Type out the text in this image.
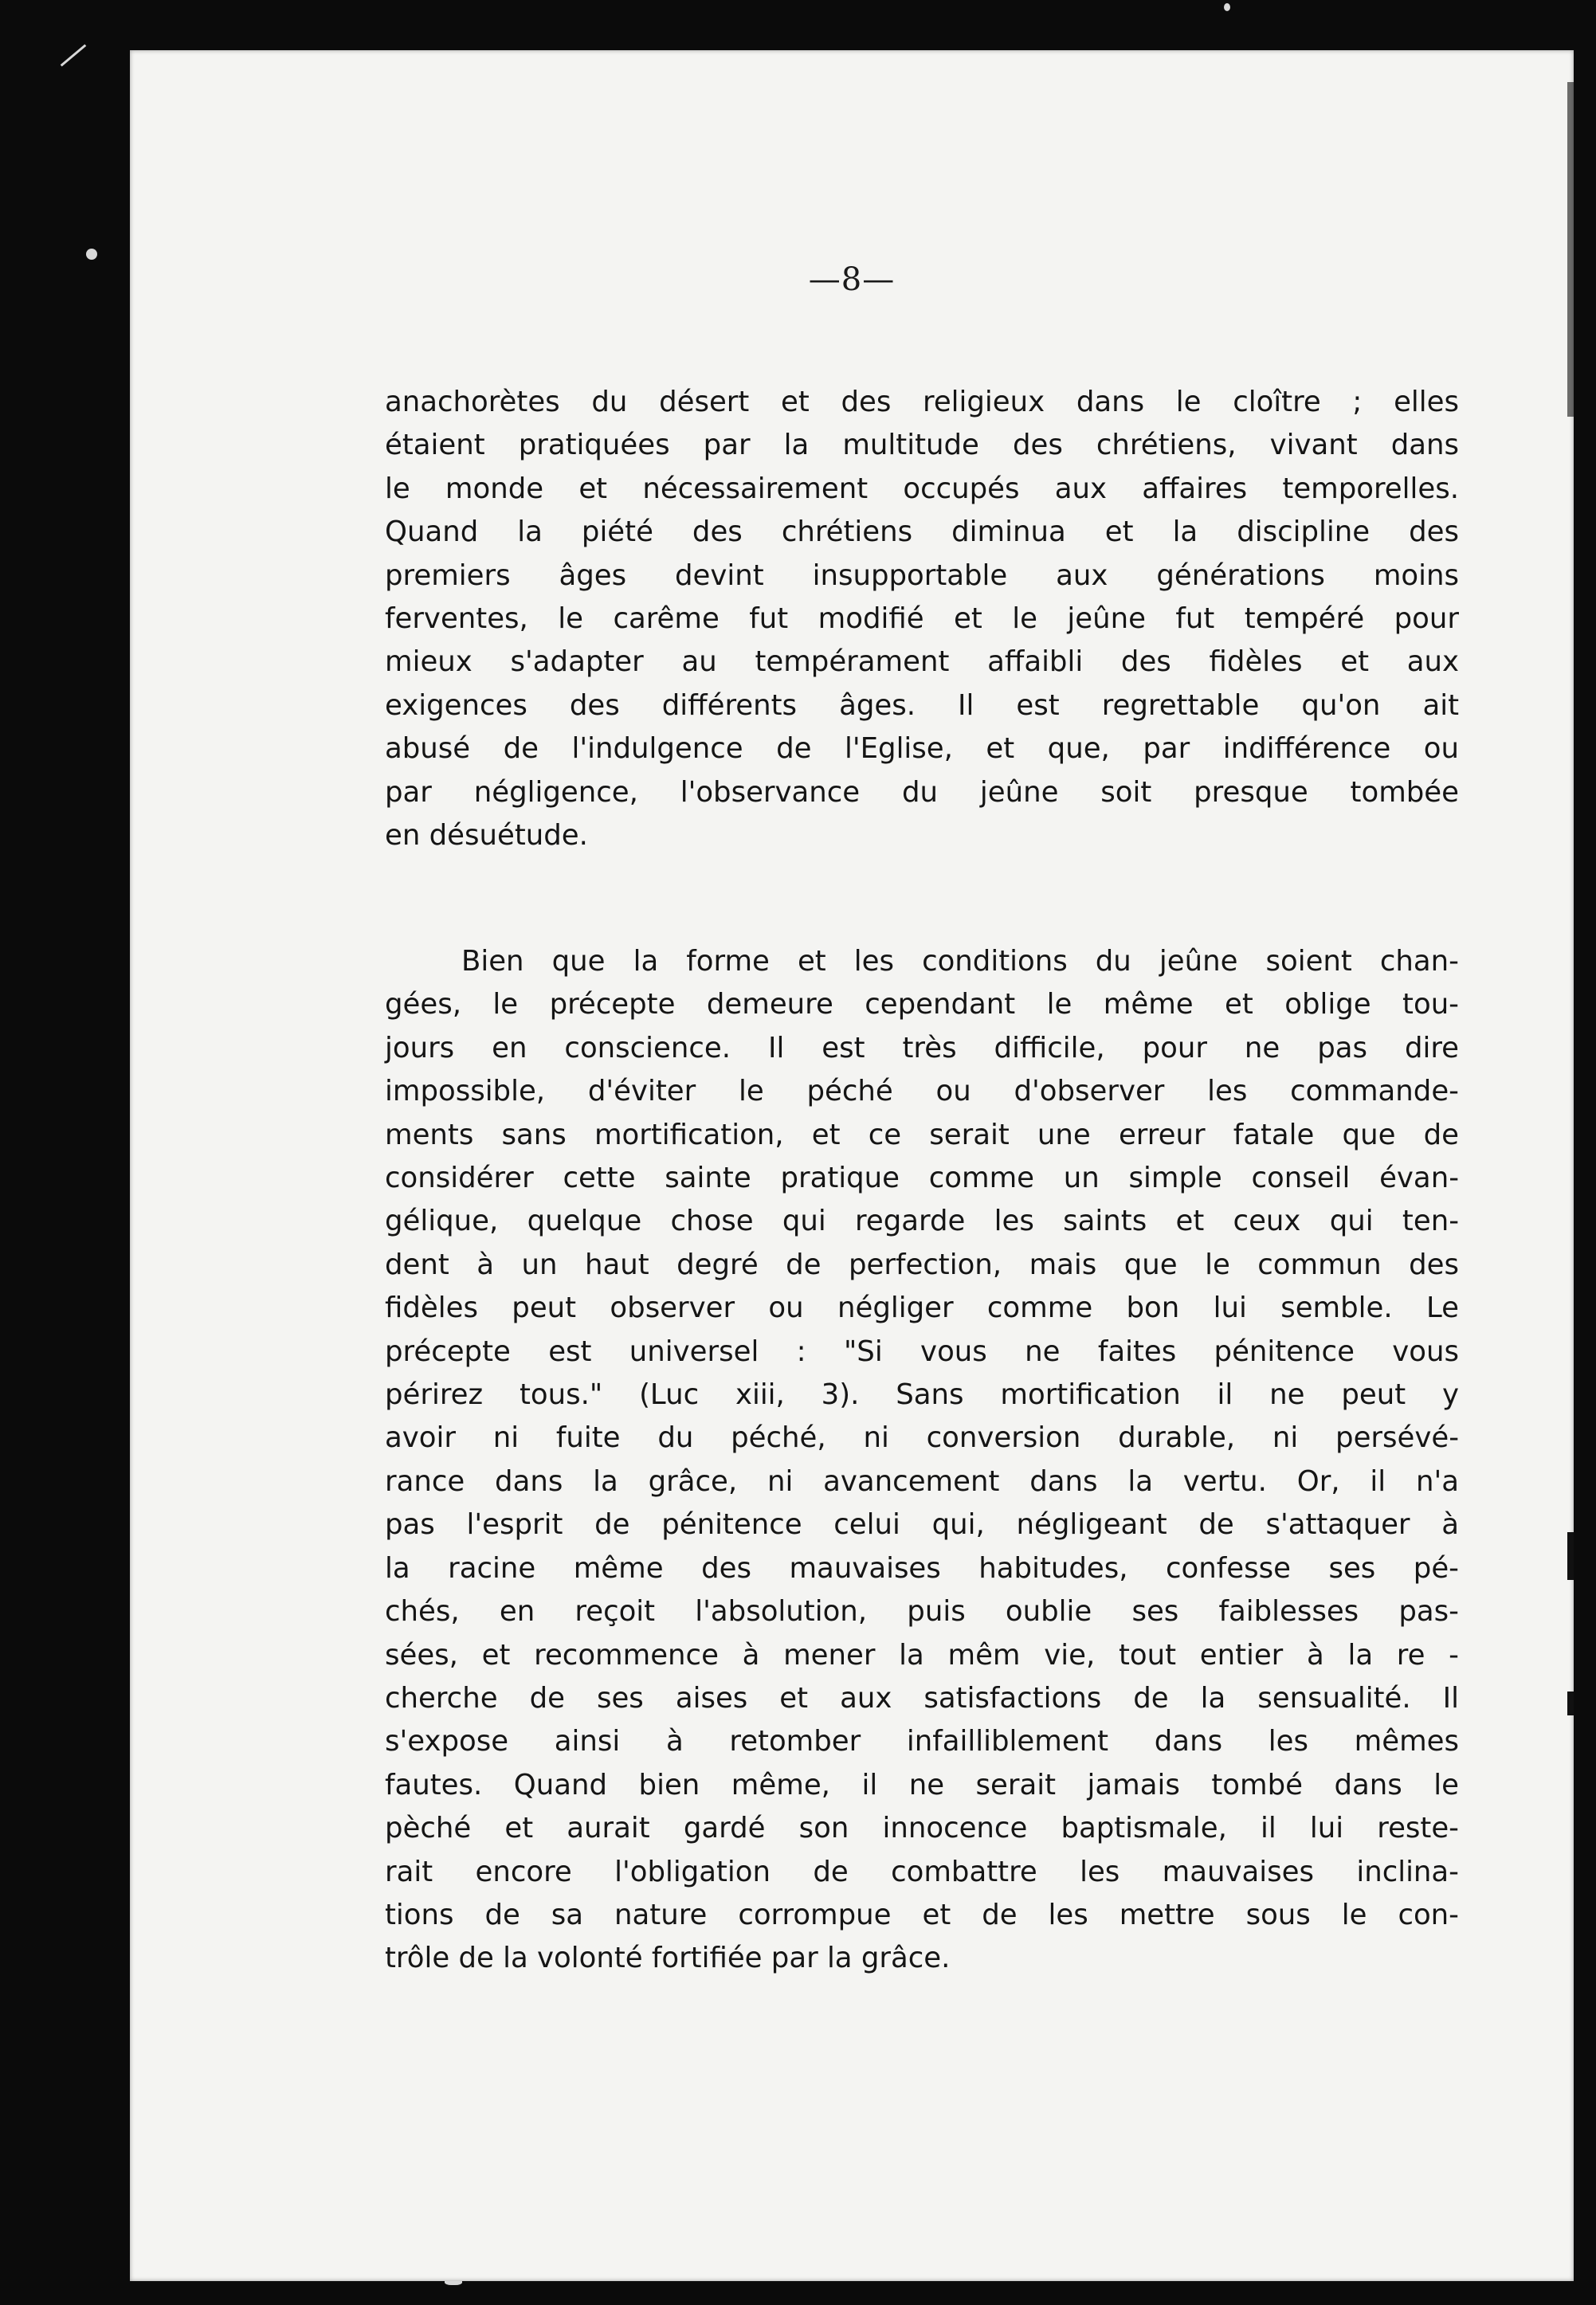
—8—
anachorètes du désert et des religieux dans le cloître ; elles
étaient pratiquées par la multitude des chrétiens, vivant dans
le monde et nécessairement occupés aux affaires temporelles.
Quand la piété des chrétiens diminua et la discipline des
premiers âges devint insupportable aux générations moins
ferventes, le carême fut modifié et le jeûne fut tempéré pour
mieux s'adapter au tempérament affaibli des fidèles et aux
exigences des différents âges. Il est regrettable qu'on ait
abusé de l'indulgence de l'Eglise, et que, par indifférence ou
par négligence, l'observance du jeûne soit presque tombée
en désuétude.
Bien que la forme et les conditions du jeûne soient chan-
gées, le précepte demeure cependant le même et oblige tou-
jours en conscience. Il est très difficile, pour ne pas dire
impossible, d'éviter le péché ou d'observer les commande-
ments sans mortification, et ce serait une erreur fatale que de
considérer cette sainte pratique comme un simple conseil évan-
gélique, quelque chose qui regarde les saints et ceux qui ten-
dent à un haut degré de perfection, mais que le commun des
fidèles peut observer ou négliger comme bon lui semble. Le
précepte est universel : "Si vous ne faites pénitence vous
périrez tous." (Luc xiii, 3). Sans mortification il ne peut y
avoir ni fuite du péché, ni conversion durable, ni persévé-
rance dans la grâce, ni avancement dans la vertu. Or, il n'a
pas l'esprit de pénitence celui qui, négligeant de s'attaquer à
la racine même des mauvaises habitudes, confesse ses pé-
chés, en reçoit l'absolution, puis oublie ses faiblesses pas-
sées, et recommence à mener la mêm vie, tout entier à la re -
cherche de ses aises et aux satisfactions de la sensualité. Il
s'expose ainsi à retomber infailliblement dans les mêmes
fautes. Quand bien même, il ne serait jamais tombé dans le
pèché et aurait gardé son innocence baptismale, il lui reste-
rait encore l'obligation de combattre les mauvaises inclina-
tions de sa nature corrompue et de les mettre sous le con-
trôle de la volonté fortifiée par la grâce.
